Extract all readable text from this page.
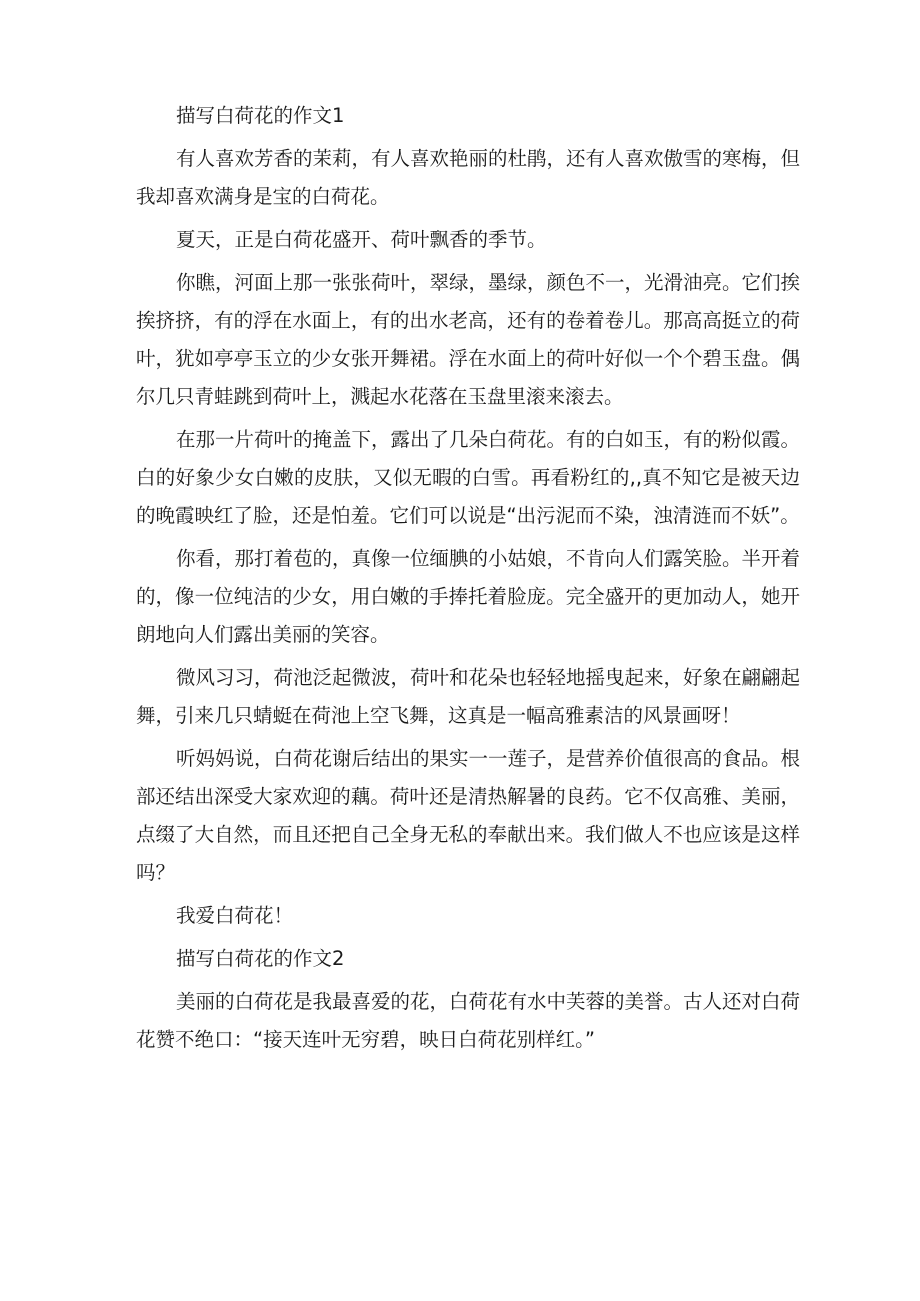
描写白荷花的作文1

有人喜欢芳香的茉莉，有人喜欢艳丽的杜鹃，还有人喜欢傲雪的寒梅，但我却喜欢满身是宝的白荷花。

夏天，正是白荷花盛开、荷叶飘香的季节。

你瞧，河面上那一张张荷叶，翠绿，墨绿，颜色不一，光滑油亮。它们挨挨挤挤，有的浮在水面上，有的出水老高，还有的卷着卷儿。那高高挺立的荷叶，犹如亭亭玉立的少女张开舞裙。浮在水面上的荷叶好似一个个碧玉盘。偶尔几只青蛙跳到荷叶上，溅起水花落在玉盘里滚来滚去。

在那一片荷叶的掩盖下，露出了几朵白荷花。有的白如玉，有的粉似霞。白的好象少女白嫩的皮肤，又似无暇的白雪。再看粉红的,,真不知它是被天边的晚霞映红了脸，还是怕羞。它们可以说是“出污泥而不染，浊清涟而不妖”。

你看，那打着苞的，真像一位缅腆的小姑娘，不肯向人们露笑脸。半开着的，像一位纯洁的少女，用白嫩的手捧托着脸庞。完全盛开的更加动人，她开朗地向人们露出美丽的笑容。

微风习习，荷池泛起微波，荷叶和花朵也轻轻地摇曳起来，好象在翩翩起舞，引来几只蜻蜓在荷池上空飞舞，这真是一幅高雅素洁的风景画呀！

听妈妈说，白荷花谢后结出的果实一一莲子，是营养价值很高的食品。根部还结出深受大家欢迎的藕。荷叶还是清热解暑的良药。它不仅高雅、美丽，点缀了大自然，而且还把自己全身无私的奉献出来。我们做人不也应该是这样吗？

我爱白荷花！

描写白荷花的作文2

美丽的白荷花是我最喜爱的花，白荷花有水中芙蓉的美誉。古人还对白荷花赞不绝口：“接天连叶无穷碧，映日白荷花别样红。”
